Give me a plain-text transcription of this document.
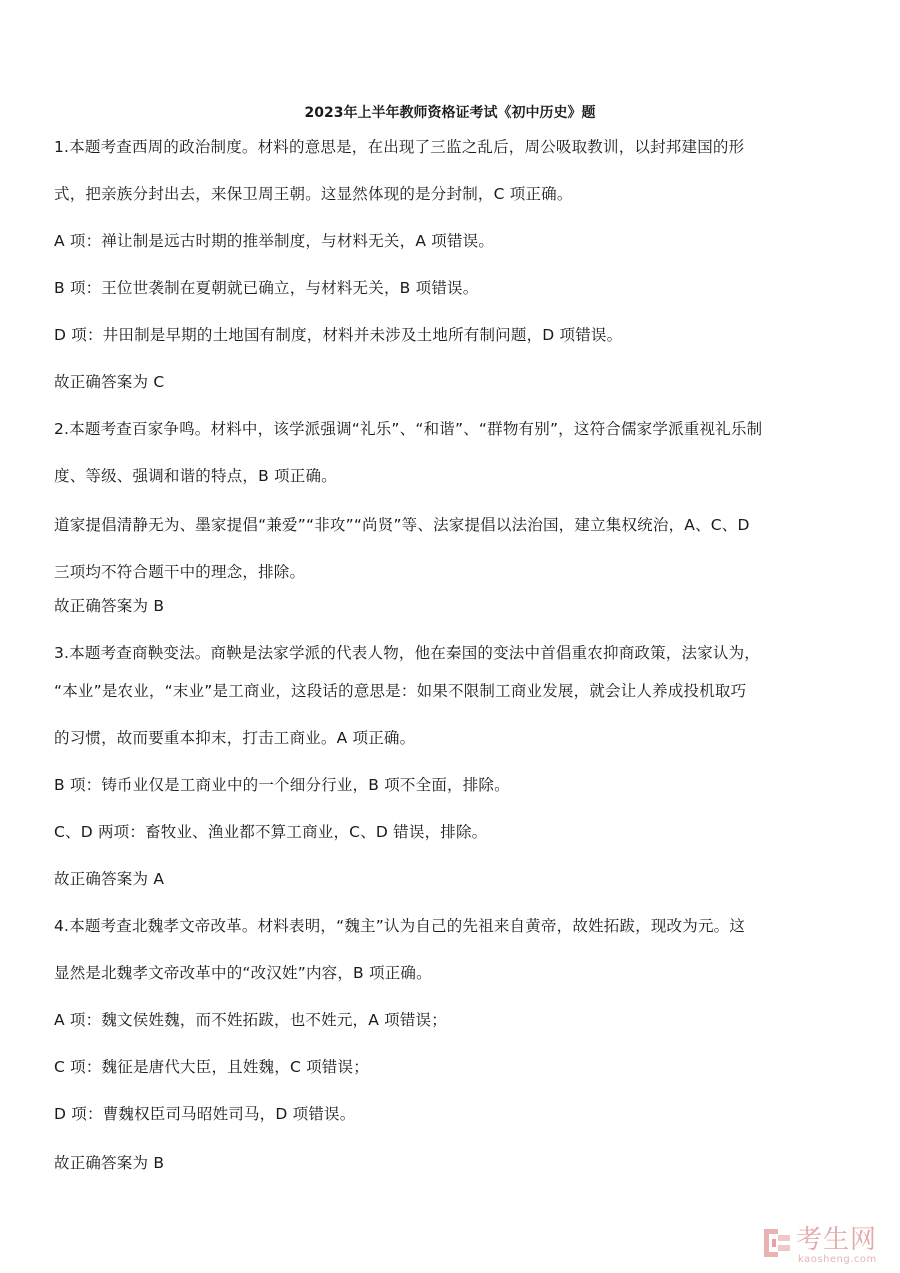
2023年上半年教师资格证考试《初中历史》题
1.本题考查西周的政治制度。材料的意思是，在出现了三监之乱后，周公吸取教训，以封邦建国的形
式，把亲族分封出去，来保卫周王朝。这显然体现的是分封制，C 项正确。
A 项：禅让制是远古时期的推举制度，与材料无关，A 项错误。
B 项：王位世袭制在夏朝就已确立，与材料无关，B 项错误。
D 项：井田制是早期的土地国有制度，材料并未涉及土地所有制问题，D 项错误。
故正确答案为 C
2.本题考查百家争鸣。材料中，该学派强调“礼乐”、“和谐”、“群物有别”，这符合儒家学派重视礼乐制
度、等级、强调和谐的特点，B 项正确。
道家提倡清静无为、墨家提倡“兼爱”“非攻”“尚贤”等、法家提倡以法治国，建立集权统治，A、C、D
三项均不符合题干中的理念，排除。
故正确答案为 B
3.本题考查商鞅变法。商鞅是法家学派的代表人物，他在秦国的变法中首倡重农抑商政策，法家认为，
“本业”是农业，“末业”是工商业，这段话的意思是：如果不限制工商业发展，就会让人养成投机取巧
的习惯，故而要重本抑末，打击工商业。A 项正确。
B 项：铸币业仅是工商业中的一个细分行业，B 项不全面，排除。
C、D 两项：畜牧业、渔业都不算工商业，C、D 错误，排除。
故正确答案为 A
4.本题考查北魏孝文帝改革。材料表明，“魏主”认为自己的先祖来自黄帝，故姓拓跋，现改为元。这
显然是北魏孝文帝改革中的“改汉姓”内容，B 项正确。
A 项：魏文侯姓魏，而不姓拓跋，也不姓元，A 项错误；
C 项：魏征是唐代大臣，且姓魏，C 项错误；
D 项：曹魏权臣司马昭姓司马，D 项错误。
故正确答案为 B
考生网
kaosheng.com
